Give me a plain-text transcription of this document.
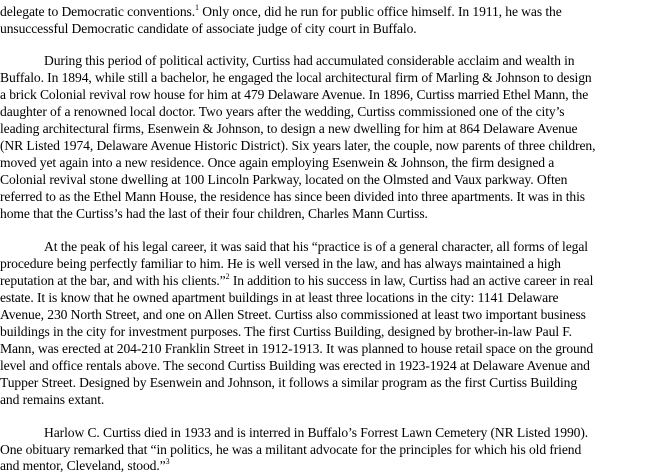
delegate to Democratic conventions.$^1$ Only once, did he run for public office himself. In 1911, he was the
unsuccessful Democratic candidate of associate judge of city court in Buffalo.
During this period of political activity, Curtiss had accumulated considerable acclaim and wealth in
Buffalo. In 1894, while still a bachelor, he engaged the local architectural firm of Marling & Johnson to design
a brick Colonial revival row house for him at 479 Delaware Avenue. In 1896, Curtiss married Ethel Mann, the
daughter of a renowned local doctor. Two years after the wedding, Curtiss commissioned one of the city’s
leading architectural firms, Esenwein & Johnson, to design a new dwelling for him at 864 Delaware Avenue
(NR Listed 1974, Delaware Avenue Historic District). Six years later, the couple, now parents of three children,
moved yet again into a new residence. Once again employing Esenwein & Johnson, the firm designed a
Colonial revival stone dwelling at 100 Lincoln Parkway, located on the Olmsted and Vaux parkway. Often
referred to as the Ethel Mann House, the residence has since been divided into three apartments. It was in this
home that the Curtiss’s had the last of their four children, Charles Mann Curtiss.
At the peak of his legal career, it was said that his “practice is of a general character, all forms of legal
procedure being perfectly familiar to him. He is well versed in the law, and has always maintained a high
reputation at the bar, and with his clients.”$^2$ In addition to his success in law, Curtiss had an active career in real
estate. It is know that he owned apartment buildings in at least three locations in the city: 1141 Delaware
Avenue, 230 North Street, and one on Allen Street. Curtiss also commissioned at least two important business
buildings in the city for investment purposes. The first Curtiss Building, designed by brother-in-law Paul F.
Mann, was erected at 204-210 Franklin Street in 1912-1913. It was planned to house retail space on the ground
level and office rentals above. The second Curtiss Building was erected in 1923-1924 at Delaware Avenue and
Tupper Street. Designed by Esenwein and Johnson, it follows a similar program as the first Curtiss Building
and remains extant.
Harlow C. Curtiss died in 1933 and is interred in Buffalo’s Forrest Lawn Cemetery (NR Listed 1990).
One obituary remarked that “in politics, he was a militant advocate for the principles for which his old friend
and mentor, Cleveland, stood.”$^3$
